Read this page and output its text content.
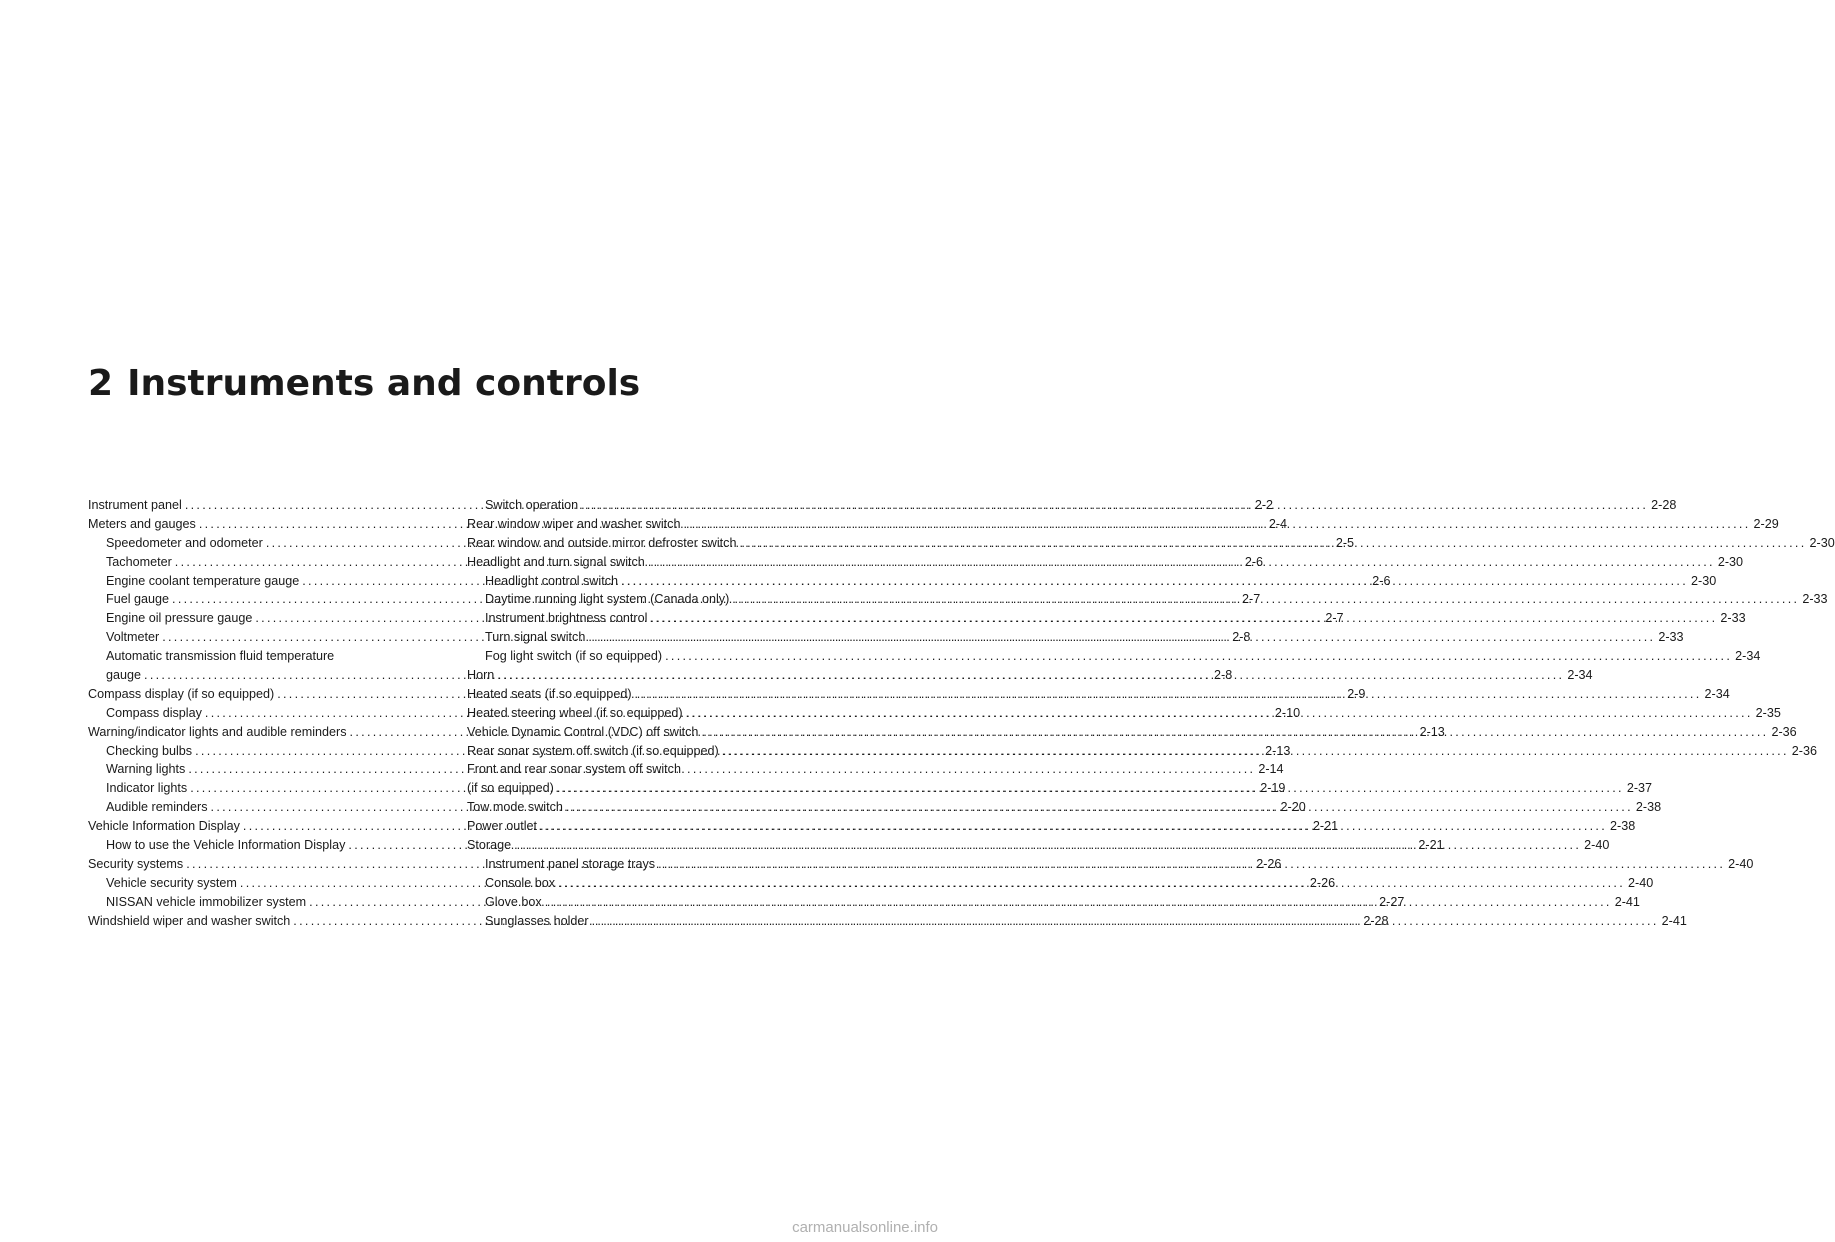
2 Instruments and controls
Instrument panel .....	2-2
Meters and gauges .....	2-4
Speedometer and odometer .....	2-5
Tachometer .....	2-6
Engine coolant temperature gauge .....	2-6
Fuel gauge .....	2-7
Engine oil pressure gauge .....	2-7
Voltmeter .....	2-8
Automatic transmission fluid temperature
gauge .....	2-8
Compass display (if so equipped) .....	2-9
Compass display .....	2-10
Warning/indicator lights and audible reminders .....	2-13
Checking bulbs .....	2-13
Warning lights .....	2-14
Indicator lights .....	2-19
Audible reminders .....	2-20
Vehicle Information Display .....	2-21
How to use the Vehicle Information Display .....	2-21
Security systems .....	2-26
Vehicle security system .....	2-26
NISSAN vehicle immobilizer system .....	2-27
Windshield wiper and washer switch .....	2-28
Switch operation .....	2-28
Rear window wiper and washer switch .....	2-29
Rear window and outside mirror defroster switch .....	2-30
Headlight and turn signal switch .....	2-30
Headlight control switch .....	2-30
Daytime running light system (Canada only) .....	2-33
Instrument brightness control .....	2-33
Turn signal switch .....	2-33
Fog light switch (if so equipped) .....	2-34
Horn .....	2-34
Heated seats (if so equipped) .....	2-34
Heated steering wheel (if so equipped) .....	2-35
Vehicle Dynamic Control (VDC) off switch .....	2-36
Rear sonar system off switch (if so equipped) .....	2-36
Front and rear sonar system off switch
(if so equipped) .....	2-37
Tow mode switch .....	2-38
Power outlet .....	2-38
Storage .....	2-40
Instrument panel storage trays .....	2-40
Console box .....	2-40
Glove box .....	2-41
Sunglasses holder .....	2-41
carmanualsonline.info
